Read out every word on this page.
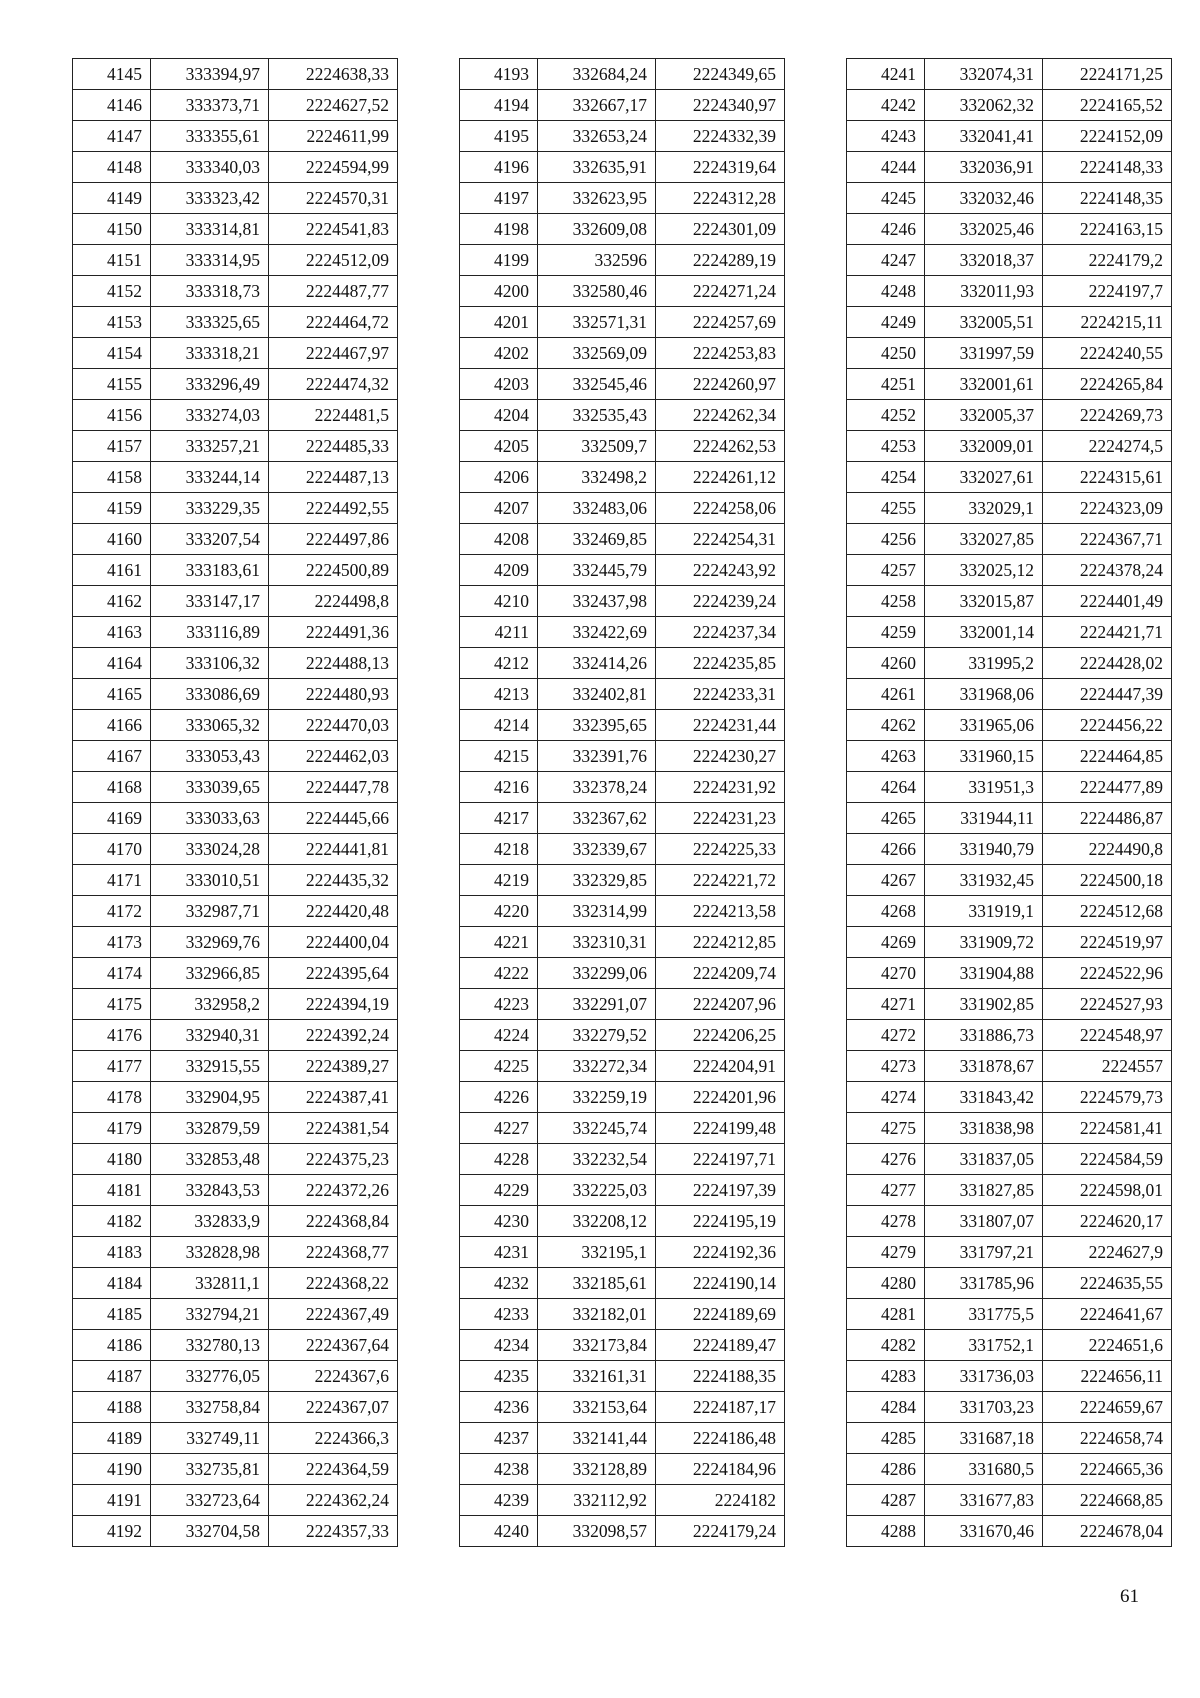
4145	333394,97	2224638,33
4146	333373,71	2224627,52
4147	333355,61	2224611,99
4148	333340,03	2224594,99
4149	333323,42	2224570,31
4150	333314,81	2224541,83
4151	333314,95	2224512,09
4152	333318,73	2224487,77
4153	333325,65	2224464,72
4154	333318,21	2224467,97
4155	333296,49	2224474,32
4156	333274,03	2224481,5
4157	333257,21	2224485,33
4158	333244,14	2224487,13
4159	333229,35	2224492,55
4160	333207,54	2224497,86
4161	333183,61	2224500,89
4162	333147,17	2224498,8
4163	333116,89	2224491,36
4164	333106,32	2224488,13
4165	333086,69	2224480,93
4166	333065,32	2224470,03
4167	333053,43	2224462,03
4168	333039,65	2224447,78
4169	333033,63	2224445,66
4170	333024,28	2224441,81
4171	333010,51	2224435,32
4172	332987,71	2224420,48
4173	332969,76	2224400,04
4174	332966,85	2224395,64
4175	332958,2	2224394,19
4176	332940,31	2224392,24
4177	332915,55	2224389,27
4178	332904,95	2224387,41
4179	332879,59	2224381,54
4180	332853,48	2224375,23
4181	332843,53	2224372,26
4182	332833,9	2224368,84
4183	332828,98	2224368,77
4184	332811,1	2224368,22
4185	332794,21	2224367,49
4186	332780,13	2224367,64
4187	332776,05	2224367,6
4188	332758,84	2224367,07
4189	332749,11	2224366,3
4190	332735,81	2224364,59
4191	332723,64	2224362,24
4192	332704,58	2224357,33
4193	332684,24	2224349,65
4194	332667,17	2224340,97
4195	332653,24	2224332,39
4196	332635,91	2224319,64
4197	332623,95	2224312,28
4198	332609,08	2224301,09
4199	332596	2224289,19
4200	332580,46	2224271,24
4201	332571,31	2224257,69
4202	332569,09	2224253,83
4203	332545,46	2224260,97
4204	332535,43	2224262,34
4205	332509,7	2224262,53
4206	332498,2	2224261,12
4207	332483,06	2224258,06
4208	332469,85	2224254,31
4209	332445,79	2224243,92
4210	332437,98	2224239,24
4211	332422,69	2224237,34
4212	332414,26	2224235,85
4213	332402,81	2224233,31
4214	332395,65	2224231,44
4215	332391,76	2224230,27
4216	332378,24	2224231,92
4217	332367,62	2224231,23
4218	332339,67	2224225,33
4219	332329,85	2224221,72
4220	332314,99	2224213,58
4221	332310,31	2224212,85
4222	332299,06	2224209,74
4223	332291,07	2224207,96
4224	332279,52	2224206,25
4225	332272,34	2224204,91
4226	332259,19	2224201,96
4227	332245,74	2224199,48
4228	332232,54	2224197,71
4229	332225,03	2224197,39
4230	332208,12	2224195,19
4231	332195,1	2224192,36
4232	332185,61	2224190,14
4233	332182,01	2224189,69
4234	332173,84	2224189,47
4235	332161,31	2224188,35
4236	332153,64	2224187,17
4237	332141,44	2224186,48
4238	332128,89	2224184,96
4239	332112,92	2224182
4240	332098,57	2224179,24
4241	332074,31	2224171,25
4242	332062,32	2224165,52
4243	332041,41	2224152,09
4244	332036,91	2224148,33
4245	332032,46	2224148,35
4246	332025,46	2224163,15
4247	332018,37	2224179,2
4248	332011,93	2224197,7
4249	332005,51	2224215,11
4250	331997,59	2224240,55
4251	332001,61	2224265,84
4252	332005,37	2224269,73
4253	332009,01	2224274,5
4254	332027,61	2224315,61
4255	332029,1	2224323,09
4256	332027,85	2224367,71
4257	332025,12	2224378,24
4258	332015,87	2224401,49
4259	332001,14	2224421,71
4260	331995,2	2224428,02
4261	331968,06	2224447,39
4262	331965,06	2224456,22
4263	331960,15	2224464,85
4264	331951,3	2224477,89
4265	331944,11	2224486,87
4266	331940,79	2224490,8
4267	331932,45	2224500,18
4268	331919,1	2224512,68
4269	331909,72	2224519,97
4270	331904,88	2224522,96
4271	331902,85	2224527,93
4272	331886,73	2224548,97
4273	331878,67	2224557
4274	331843,42	2224579,73
4275	331838,98	2224581,41
4276	331837,05	2224584,59
4277	331827,85	2224598,01
4278	331807,07	2224620,17
4279	331797,21	2224627,9
4280	331785,96	2224635,55
4281	331775,5	2224641,67
4282	331752,1	2224651,6
4283	331736,03	2224656,11
4284	331703,23	2224659,67
4285	331687,18	2224658,74
4286	331680,5	2224665,36
4287	331677,83	2224668,85
4288	331670,46	2224678,04
61
